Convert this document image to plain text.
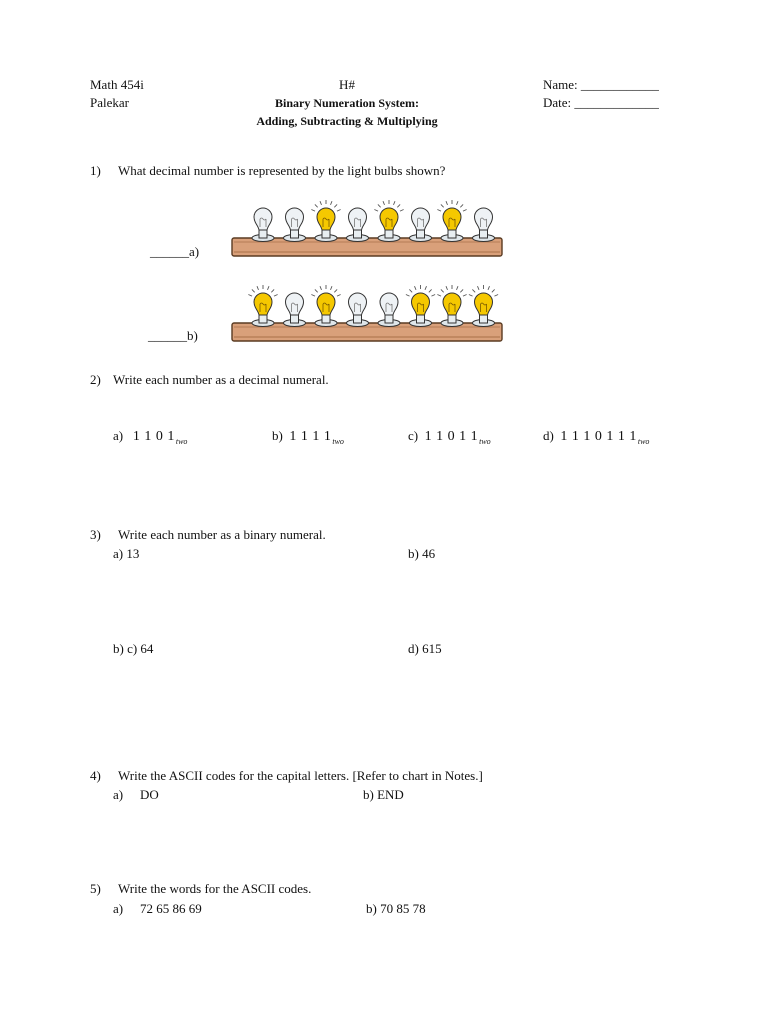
Math 454i
Palekar
H#
Binary Numeration System:
Adding, Subtracting & Multiplying
Name: ____________
Date: _____________
1) What decimal number is represented by the light bulbs shown?
______a)
______b)
2) Write each number as a decimal numeral.
a) 1 1 0 $1_{two}$	b) 1 1 1 $1_{two}$	c) 1 1 0 1 $1_{two}$	d) 1 1 1 0 1 1 $1_{two}$
3) Write each number as a binary numeral.
a) 13	b) 46
b) c) 64	d) 615
4) Write the ASCII codes for the capital letters. [Refer to chart in Notes.]
a) DO	b) END
5) Write the words for the ASCII codes.
a) 72 65 86 69	b) 70 85 78
